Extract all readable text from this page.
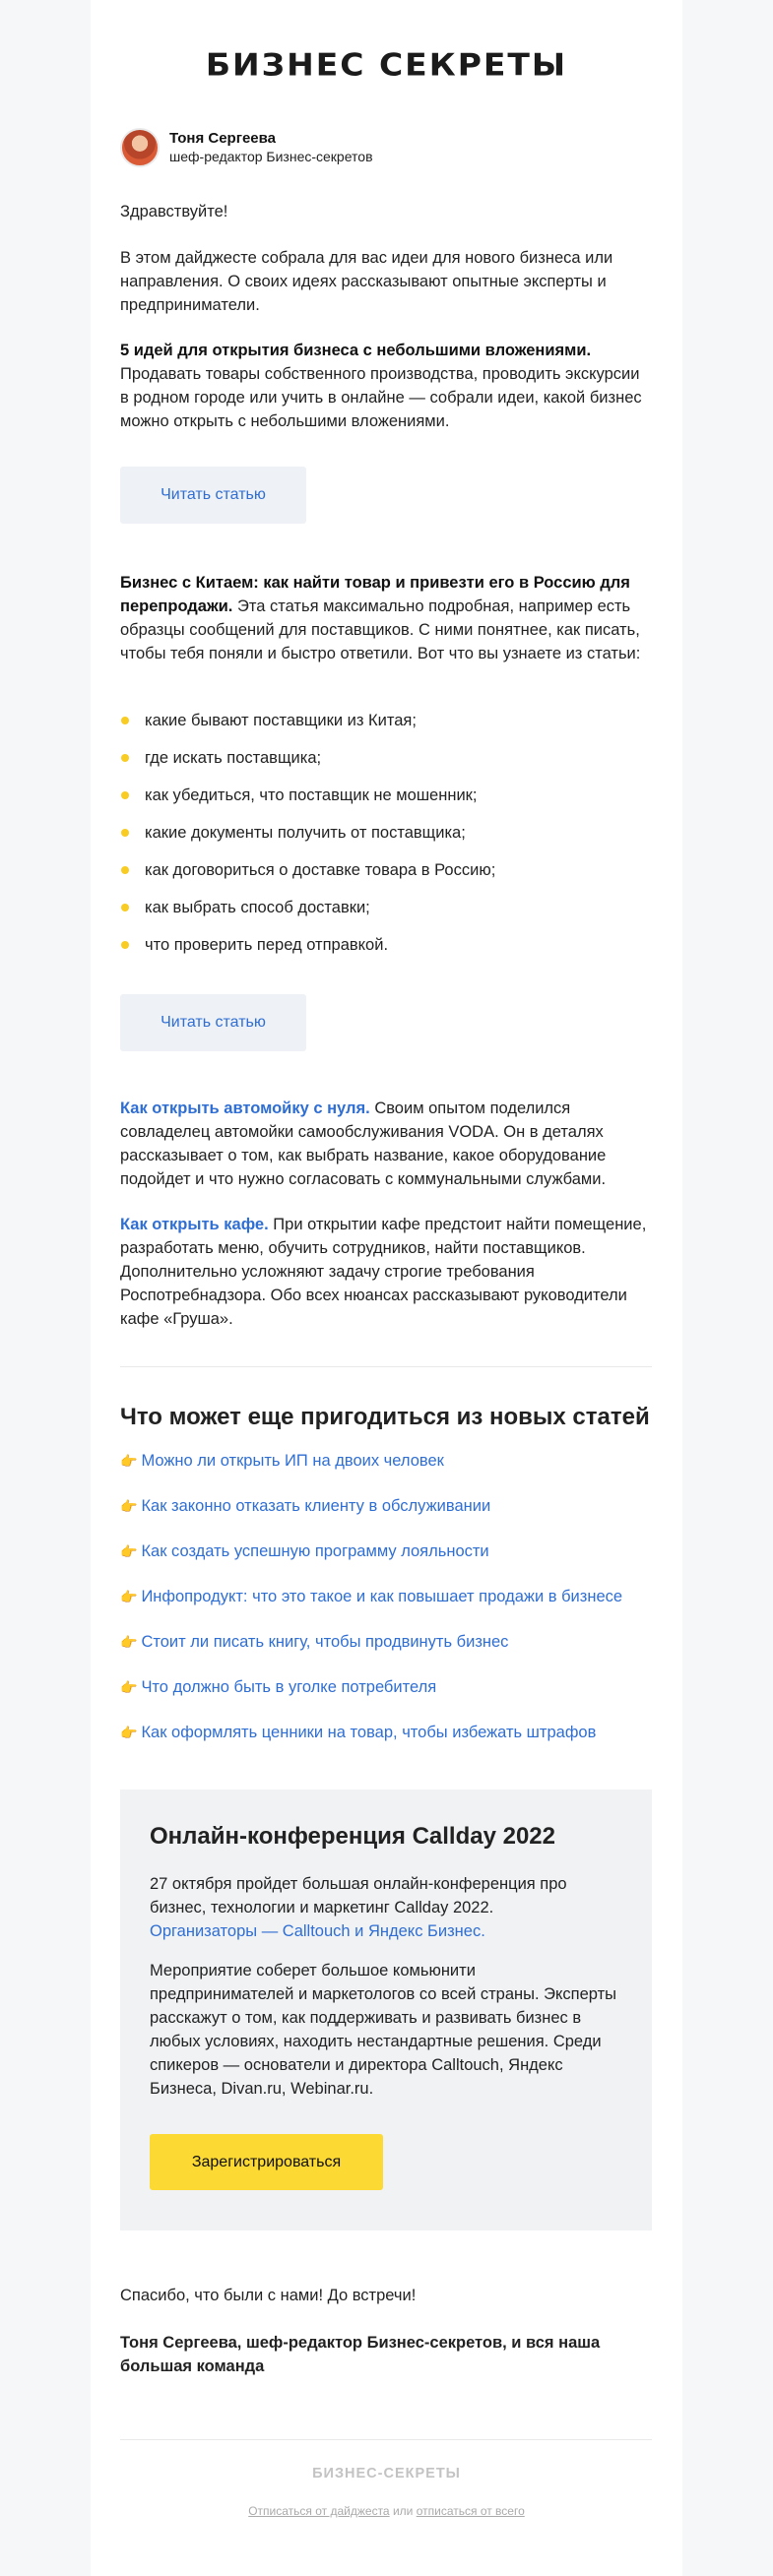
БИЗНЕС СЕКРЕТЫ
Тоня Сергеева
шеф-редактор Бизнес-секретов
Здравствуйте!
В этом дайджесте собрала для вас идеи для нового бизнеса или направления. О своих идеях рассказывают опытные эксперты и предприниматели.
5 идей для открытия бизнеса с небольшими вложениями.
Продавать товары собственного производства, проводить экскурсии в родном городе или учить в онлайне — собрали идеи, какой бизнес можно открыть с небольшими вложениями.
Читать статью
Бизнес с Китаем: как найти товар и привезти его в Россию для перепродажи. Эта статья максимально подробная, например есть образцы сообщений для поставщиков. С ними понятнее, как писать, чтобы тебя поняли и быстро ответили. Вот что вы узнаете из статьи:
какие бывают поставщики из Китая;
где искать поставщика;
как убедиться, что поставщик не мошенник;
какие документы получить от поставщика;
как договориться о доставке товара в Россию;
как выбрать способ доставки;
что проверить перед отправкой.
Читать статью
Как открыть автомойку с нуля. Своим опытом поделился совладелец автомойки самообслуживания VODA. Он в деталях рассказывает о том, как выбрать название, какое оборудование подойдет и что нужно согласовать с коммунальными службами.
Как открыть кафе. При открытии кафе предстоит найти помещение, разработать меню, обучить сотрудников, найти поставщиков. Дополнительно усложняют задачу строгие требования Роспотребнадзора. Обо всех нюансах рассказывают руководители кафе «Груша».
Что может еще пригодиться из новых статей
👉 Можно ли открыть ИП на двоих человек
👉 Как законно отказать клиенту в обслуживании
👉 Как создать успешную программу лояльности
👉 Инфопродукт: что это такое и как повышает продажи в бизнесе
👉 Стоит ли писать книгу, чтобы продвинуть бизнес
👉 Что должно быть в уголке потребителя
👉 Как оформлять ценники на товар, чтобы избежать штрафов
Онлайн-конференция Callday 2022
27 октября пройдет большая онлайн-конференция про бизнес, технологии и маркетинг Callday 2022.
Организаторы — Calltouch и Яндекс Бизнес.
Мероприятие соберет большое комьюнити предпринимателей и маркетологов со всей страны. Эксперты расскажут о том, как поддерживать и развивать бизнес в любых условиях, находить нестандартные решения. Среди спикеров — основатели и директора Calltouch, Яндекс Бизнеса, Divan.ru, Webinar.ru.
Зарегистрироваться
Спасибо, что были с нами! До встречи!
Тоня Сергеева, шеф-редактор Бизнес-секретов, и вся наша большая команда
БИЗНЕС-СЕКРЕТЫ
Отписаться от дайджеста или отписаться от всего
